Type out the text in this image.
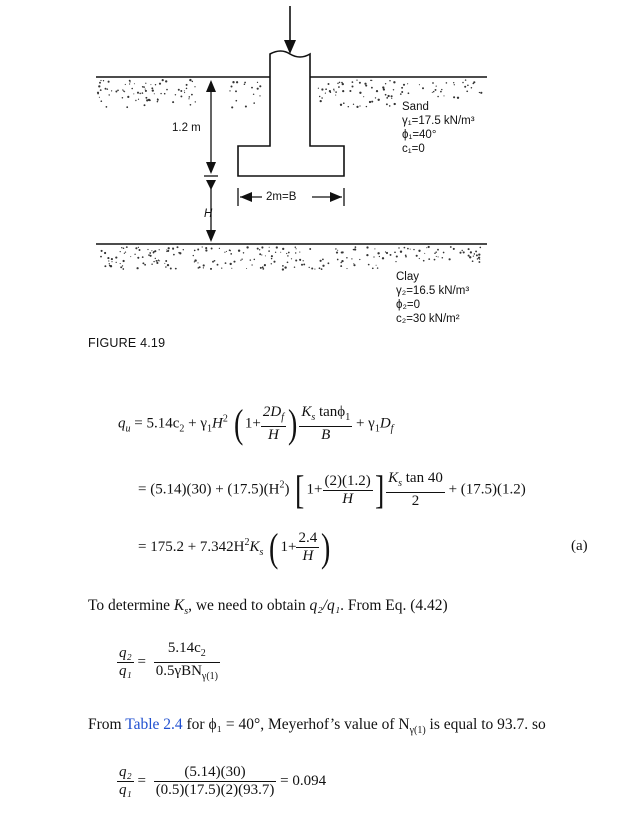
1.2 m
2m=B
H
Sand
γ₁=17.5 kN/m³
ϕ₁=40°
c₁=0
Clay
γ₂=16.5 kN/m³
ϕ₂=0
c₂=30 kN/m²
FIGURE 4.19
$q_u = 5.14c_2 + \gamma_1H^2$ ( $1+ \frac{2D_f}{H}$ ) $\frac{K_s \tan\phi_1}{B} + \gamma_1D_f$
= $(5.14)(30) + (17.5)(H^2)$ [ $1+ \frac{(2)(1.2)}{H}$ ] $\frac{K_s \tan 40}{2} + (17.5)(1.2)$
= $175.2 + 7.342H^2K_s$ ( $1+ \frac{2.4}{H}$ )	(a)
To determine $K_s$, we need to obtain q₂/q₁. From Eq. (4.42)
$\frac{\text{q₂}}{\text{q₁}} = \frac{5.14c_2}{0.5\gamma BN_{\gamma(1)}}$
From Table 2.4 for ϕ₁ = 40°, Meyerhof’s value of $N_{\gamma(1)}$ is equal to 93.7. so
$\frac{\text{q₂}}{\text{q₁}} = \frac{(5.14)(30)}{(0.5)(17.5)(2)(93.7)} = 0.094$
